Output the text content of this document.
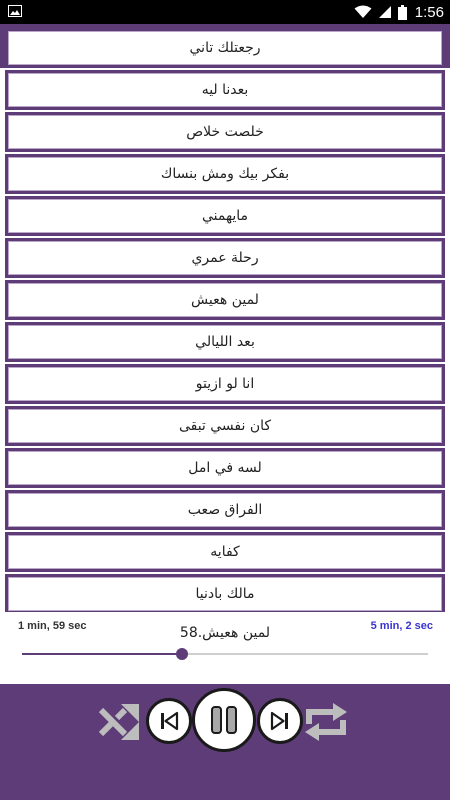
1:56
رجعتلك تاني
بعدنا ليه
خلصت خلاص
بفكر بيك ومش بنساك
مايهمني
رحلة عمري
لمين هعيش
بعد الليالي
انا لو ازيتو
كان نفسي تبقى
لسه في امل
الفراق صعب
كفايه
مالك بادنيا
1 min, 59 sec	5 min, 2 sec
58.لمين هعيش
